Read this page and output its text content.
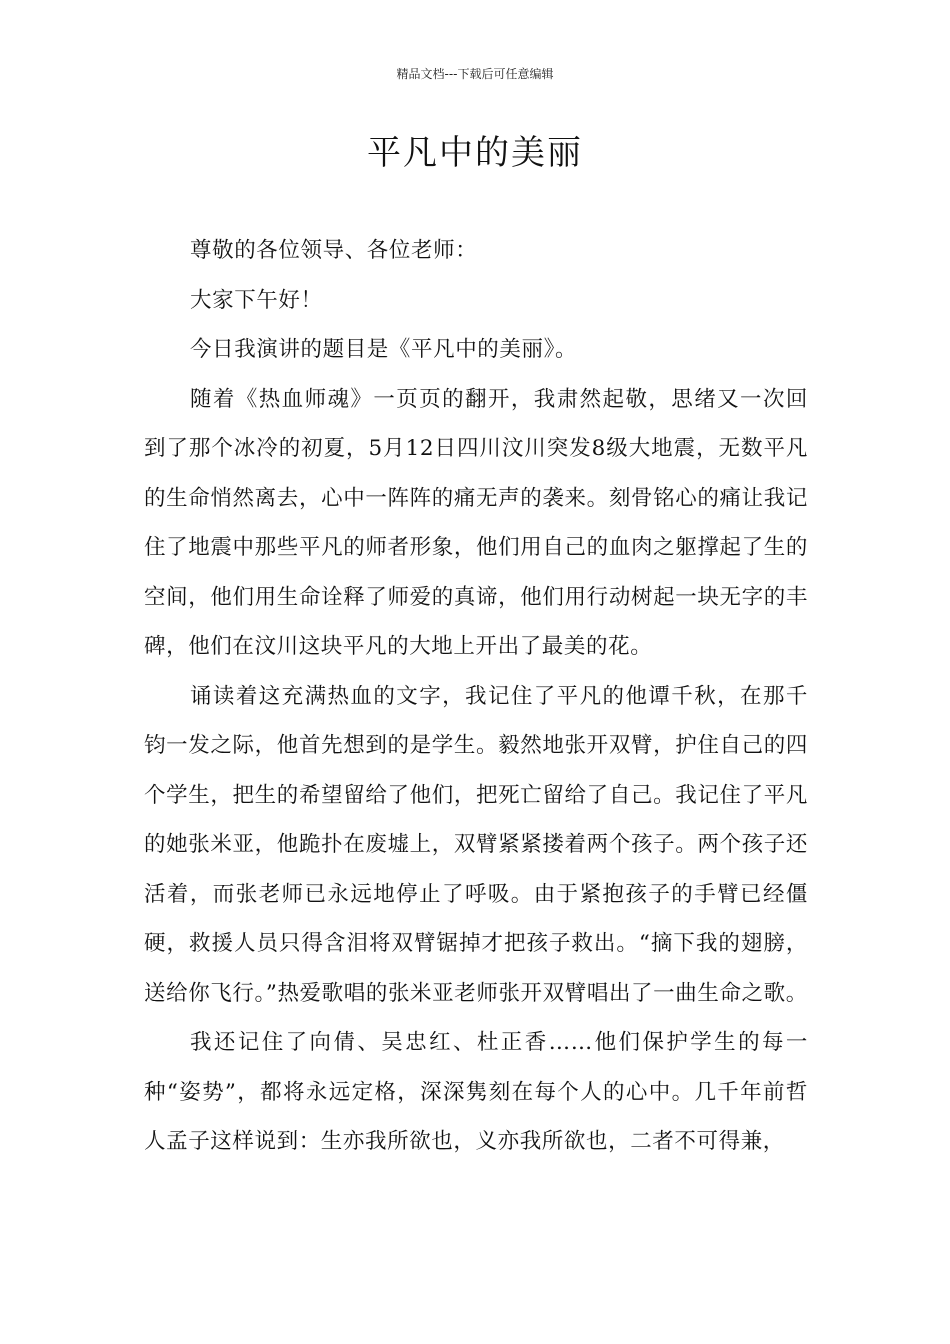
精品文档---下载后可任意编辑
平凡中的美丽

尊敬的各位领导、各位老师：

大家下午好！

今日我演讲的题目是《平凡中的美丽》。

随着《热血师魂》一页页的翻开，我肃然起敬，思绪又一次回到了那个冰冷的初夏，5月12日四川汶川突发8级大地震，无数平凡的生命悄然离去，心中一阵阵的痛无声的袭来。刻骨铭心的痛让我记住了地震中那些平凡的师者形象，他们用自己的血肉之躯撑起了生的空间，他们用生命诠释了师爱的真谛，他们用行动树起一块无字的丰碑，他们在汶川这块平凡的大地上开出了最美的花。

诵读着这充满热血的文字，我记住了平凡的他谭千秋，在那千钧一发之际，他首先想到的是学生。毅然地张开双臂，护住自己的四个学生，把生的希望留给了他们，把死亡留给了自己。我记住了平凡的她张米亚，他跪扑在废墟上，双臂紧紧搂着两个孩子。两个孩子还活着，而张老师已永远地停止了呼吸。由于紧抱孩子的手臂已经僵硬，救援人员只得含泪将双臂锯掉才把孩子救出。“摘下我的翅膀，送给你飞行。”热爱歌唱的张米亚老师张开双臂唱出了一曲生命之歌。

我还记住了向倩、吴忠红、杜正香……他们保护学生的每一种“姿势”，都将永远定格，深深隽刻在每个人的心中。几千年前哲人孟子这样说到：生亦我所欲也，义亦我所欲也，二者不可得兼，
